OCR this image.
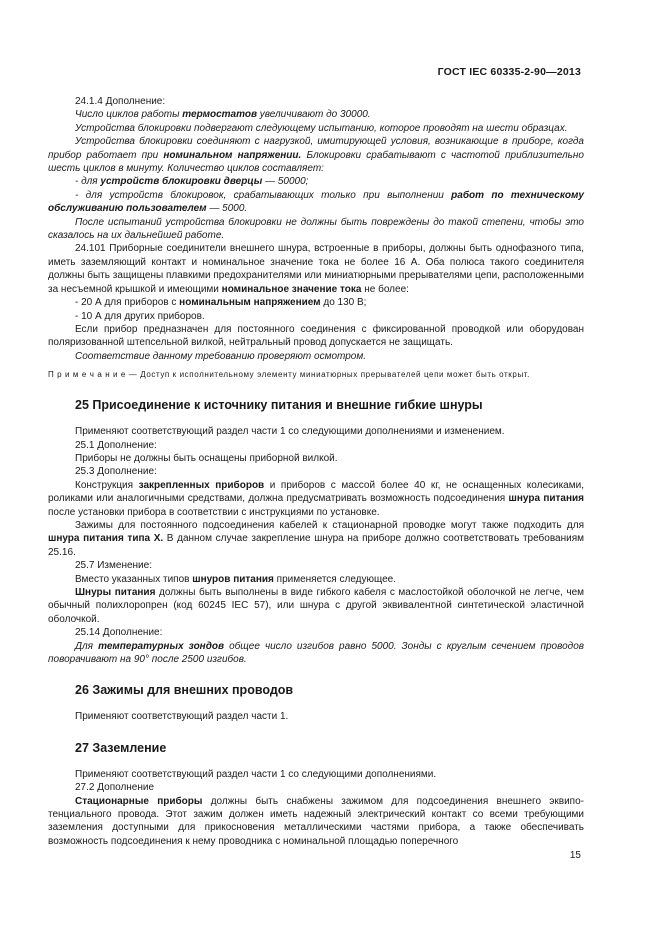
ГОСТ IEC 60335-2-90—2013

24.1.4 Дополнение:

Число циклов работы термостатов увеличивают до 30000.

Устройства блокировки подвергают следующему испытанию, которое проводят на шести образцах.

Устройства блокировки соединяют с нагрузкой, имитирующей условия, возникающие в приборе, когда прибор работает при номинальном напряжении. Блокировки срабатывают с частотой приблизительно шесть циклов в минуту. Количество циклов составляет:

- для устройств блокировки дверцы — 50000;

- для устройств блокировок, срабатывающих только при выполнении работ по техническому обслуживанию пользователем — 5000.

После испытаний устройства блокировки не должны быть повреждены до такой степени, чтобы это сказалось на их дальнейшей работе.

24.101 Приборные соединители внешнего шнура, встроенные в приборы, должны быть однофазного типа, иметь заземляющий контакт и номинальное значение тока не более 16 А. Оба полюса такого соединителя должны быть защищены плавкими предохранителями или миниатюрными прерывателями цепи, расположенными за несъемной крышкой и имеющими номинальное значение тока не более:

- 20 А для приборов с номинальным напряжением до 130 В;

- 10 А для других приборов.

Если прибор предназначен для постоянного соединения с фиксированной проводкой или оборудован поляризованной штепсельной вилкой, нейтральный провод допускается не защищать.

Соответствие данному требованию проверяют осмотром.

П р и м е ч а н и е — Доступ к исполнительному элементу миниатюрных прерывателей цепи может быть открыт.

25 Присоединение к источнику питания и внешние гибкие шнуры

Применяют соответствующий раздел части 1 со следующими дополнениями и изменением.

25.1 Дополнение:

Приборы не должны быть оснащены приборной вилкой.

25.3 Дополнение:

Конструкция закрепленных приборов и приборов с массой более 40 кг, не оснащенных колесиками, роликами или аналогичными средствами, должна предусматривать возможность подсоединения шнура питания после установки прибора в соответствии с инструкциями по установке.

Зажимы для постоянного подсоединения кабелей к стационарной проводке могут также подходить для шнура питания типа X. В данном случае закрепление шнура на приборе должно соответствовать требованиям 25.16.

25.7 Изменение:

Вместо указанных типов шнуров питания применяется следующее.

Шнуры питания должны быть выполнены в виде гибкого кабеля с маслостойкой оболочкой не легче, чем обычный полихлоропрен (код 60245 IEC 57), или шнура с другой эквивалентной синтетической эластичной оболочкой.

25.14 Дополнение:

Для температурных зондов общее число изгибов равно 5000. Зонды с круглым сечением проводов поворачивают на 90° после 2500 изгибов.

26 Зажимы для внешних проводов

Применяют соответствующий раздел части 1.

27 Заземление

Применяют соответствующий раздел части 1 со следующими дополнениями.

27.2 Дополнение

Стационарные приборы должны быть снабжены зажимом для подсоединения внешнего эквипотенциального провода. Этот зажим должен иметь надежный электрический контакт со всеми требующими заземления доступными для прикосновения металлическими частями прибора, а также обеспечивать возможность подсоединения к нему проводника с номинальной площадью поперечного

15
